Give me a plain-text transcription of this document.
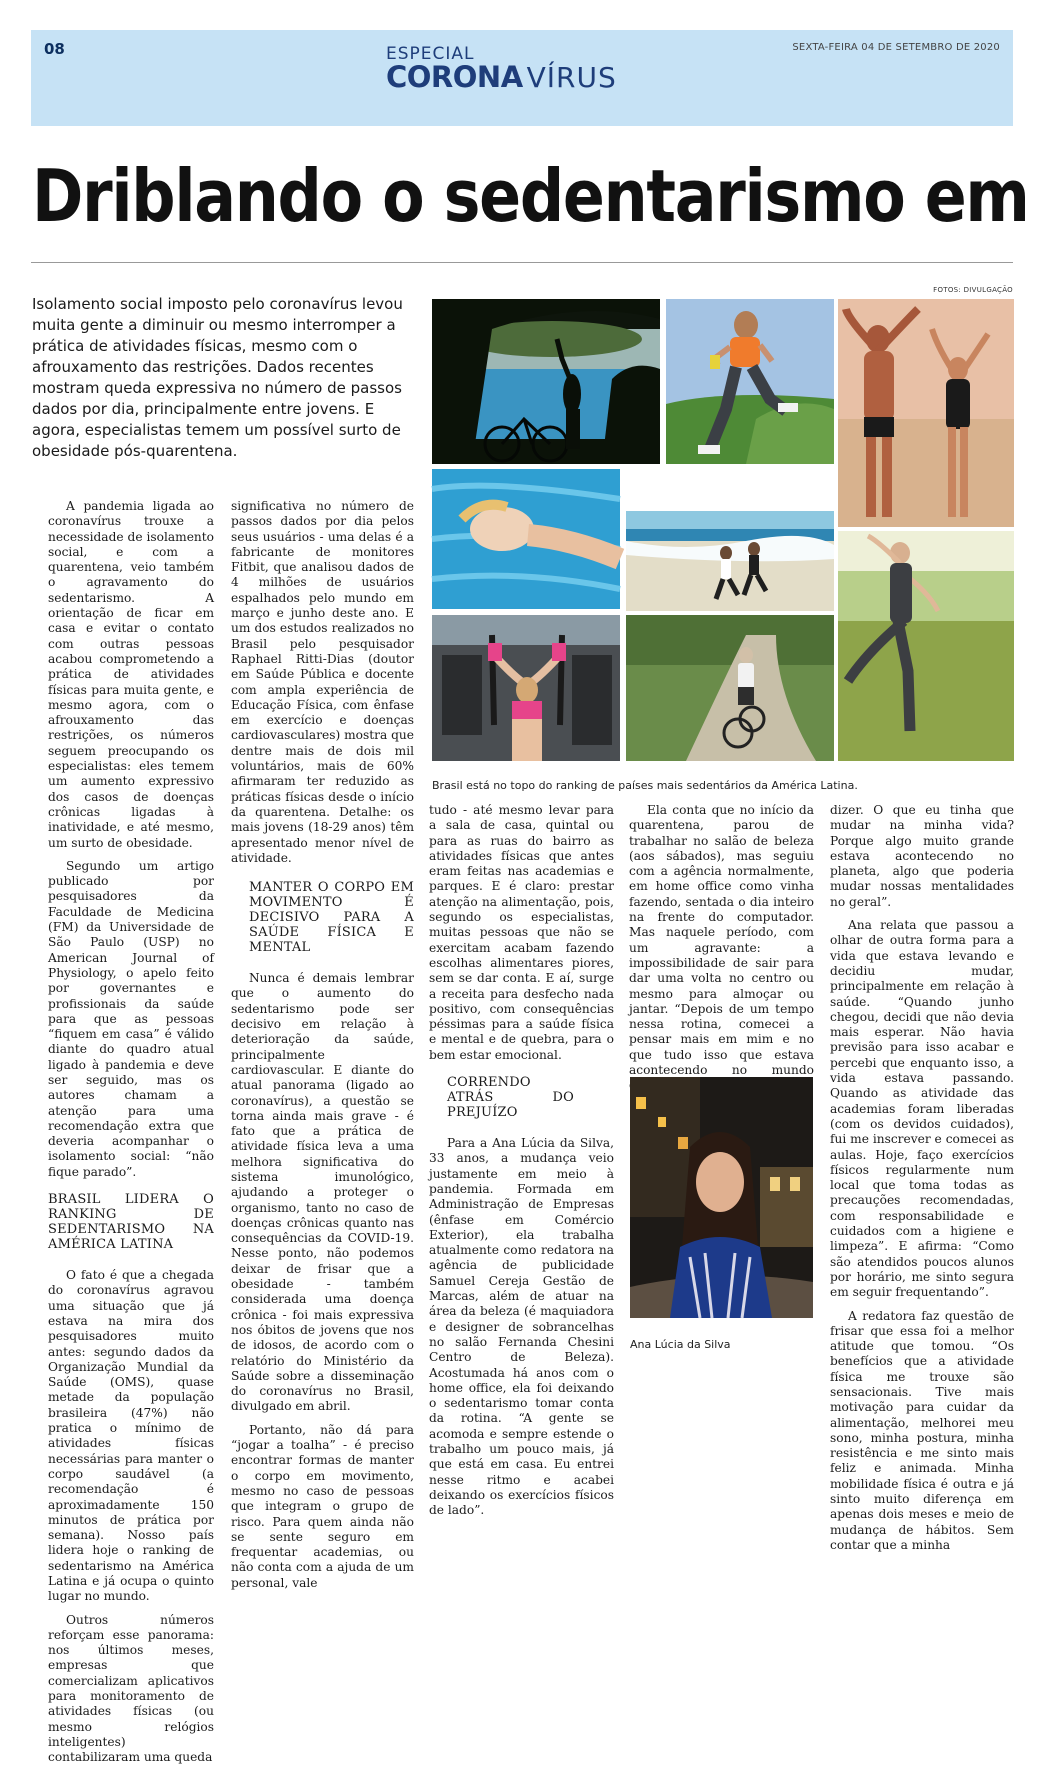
08	SEXTA-FEIRA 04 DE SETEMBRO DE 2020
ESPECIAL
CORONA VÍRUS
Driblando o sedentarismo em
FOTOS: DIVULGAÇÃO

Isolamento social imposto pelo coronavírus levou muita gente a diminuir ou mesmo interromper a prática de atividades físicas, mesmo com o afrouxamento das restrições. Dados recentes mostram queda expressiva no número de passos dados por dia, principalmente entre jovens. E agora, especialistas temem um possível surto de obesidade pós-quarentena.

Brasil está no topo do ranking de países mais sedentários da América Latina.

A pandemia ligada ao coronavírus trouxe a necessidade de isolamento social, e com a quarentena, veio também o agravamento do sedentarismo. A orientação de ficar em casa e evitar o contato com outras pessoas acabou comprometendo a prática de atividades físicas para muita gente, e mesmo agora, com o afrouxamento das restrições, os números seguem preocupando os especialistas: eles temem um aumento expressivo dos casos de doenças crônicas ligadas à inatividade, e até mesmo, um surto de obesidade.

Segundo um artigo publicado por pesquisadores da Faculdade de Medicina (FM) da Universidade de São Paulo (USP) no American Journal of Physiology, o apelo feito por governantes e profissionais da saúde para que as pessoas “fiquem em casa” é válido diante do quadro atual ligado à pandemia e deve ser seguido, mas os autores chamam a atenção para uma recomendação extra que deveria acompanhar o isolamento social: “não fique parado”.

BRASIL LIDERA O RANKING DE SEDENTARISMO NA AMÉRICA LATINA

O fato é que a chegada do coronavírus agravou uma situação que já estava na mira dos pesquisadores muito antes: segundo dados da Organização Mundial da Saúde (OMS), quase metade da população brasileira (47%) não pratica o mínimo de atividades físicas necessárias para manter o corpo saudável (a recomendação é aproximadamente 150 minutos de prática por semana). Nosso país lidera hoje o ranking de sedentarismo na América Latina e já ocupa o quinto lugar no mundo.

Outros números reforçam esse panorama: nos últimos meses, empresas que comercializam aplicativos para monitoramento de atividades físicas (ou mesmo relógios inteligentes) contabilizaram uma queda

significativa no número de passos dados por dia pelos seus usuários - uma delas é a fabricante de monitores Fitbit, que analisou dados de 4 milhões de usuários espalhados pelo mundo em março e junho deste ano. E um dos estudos realizados no Brasil pelo pesquisador Raphael Ritti-Dias (doutor em Saúde Pública e docente com ampla experiência de Educação Física, com ênfase em exercício e doenças cardiovasculares) mostra que dentre mais de dois mil voluntários, mais de 60% afirmaram ter reduzido as práticas físicas desde o início da quarentena. Detalhe: os mais jovens (18-29 anos) têm apresentado menor nível de atividade.

MANTER O CORPO EM MOVIMENTO É DECISIVO PARA A SAÚDE FÍSICA E MENTAL

Nunca é demais lembrar que o aumento do sedentarismo pode ser decisivo em relação à deterioração da saúde, principalmente cardiovascular. E diante do atual panorama (ligado ao coronavírus), a questão se torna ainda mais grave - é fato que a prática de atividade física leva a uma melhora significativa do sistema imunológico, ajudando a proteger o organismo, tanto no caso de doenças crônicas quanto nas consequências da COVID-19. Nesse ponto, não podemos deixar de frisar que a obesidade - também considerada uma doença crônica - foi mais expressiva nos óbitos de jovens que nos de idosos, de acordo com o relatório do Ministério da Saúde sobre a disseminação do coronavírus no Brasil, divulgado em abril.

Portanto, não dá para “jogar a toalha” - é preciso encontrar formas de manter o corpo em movimento, mesmo no caso de pessoas que integram o grupo de risco. Para quem ainda não se sente seguro em frequentar academias, ou não conta com a ajuda de um personal, vale

tudo - até mesmo levar para a sala de casa, quintal ou para as ruas do bairro as atividades físicas que antes eram feitas nas academias e parques. E é claro: prestar atenção na alimentação, pois, segundo os especialistas, muitas pessoas que não se exercitam acabam fazendo escolhas alimentares piores, sem se dar conta. E aí, surge a receita para desfecho nada positivo, com consequências péssimas para a saúde física e mental e de quebra, para o bem estar emocional.

CORRENDO ATRÁS DO PREJUÍZO

Para a Ana Lúcia da Silva, 33 anos, a mudança veio justamente em meio à pandemia. Formada em Administração de Empresas (ênfase em Comércio Exterior), ela trabalha atualmente como redatora na agência de publicidade Samuel Cereja Gestão de Marcas, além de atuar na área da beleza (é maquiadora e designer de sobrancelhas no salão Fernanda Chesini Centro de Beleza). Acostumada há anos com o home office, ela foi deixando o sedentarismo tomar conta da rotina. “A gente se acomoda e sempre estende o trabalho um pouco mais, já que está em casa. Eu entrei nesse ritmo e acabei deixando os exercícios físicos de lado”.

Ela conta que no início da quarentena, parou de trabalhar no salão de beleza (aos sábados), mas seguiu com a agência normalmente, em home office como vinha fazendo, sentada o dia inteiro na frente do computador. Mas naquele período, com um agravante: a impossibilidade de sair para dar uma volta no centro ou mesmo para almoçar ou jantar. “Depois de um tempo nessa rotina, comecei a pensar mais em mim e no que tudo isso que estava acontecendo no mundo

Ana Lúcia da Silva

dizer. O que eu tinha que mudar na minha vida? Porque algo muito grande estava acontecendo no planeta, algo que poderia mudar nossas mentalidades no geral”.

Ana relata que passou a olhar de outra forma para a vida que estava levando e decidiu mudar, principalmente em relação à saúde. “Quando junho chegou, decidi que não devia mais esperar. Não havia previsão para isso acabar e percebi que enquanto isso, a vida estava passando. Quando as atividade das academias foram liberadas (com os devidos cuidados), fui me inscrever e comecei as aulas. Hoje, faço exercícios físicos regularmente num local que toma todas as precauções recomendadas, com responsabilidade e cuidados com a higiene e limpeza”. E afirma: “Como são atendidos poucos alunos por horário, me sinto segura em seguir frequentando”.

A redatora faz questão de frisar que essa foi a melhor atitude que tomou. “Os benefícios que a atividade física me trouxe são sensacionais. Tive mais motivação para cuidar da alimentação, melhorei meu sono, minha postura, minha resistência e me sinto mais feliz e animada. Minha mobilidade física é outra e já sinto muito diferença em apenas dois meses e meio de mudança de hábitos. Sem contar que a minha
